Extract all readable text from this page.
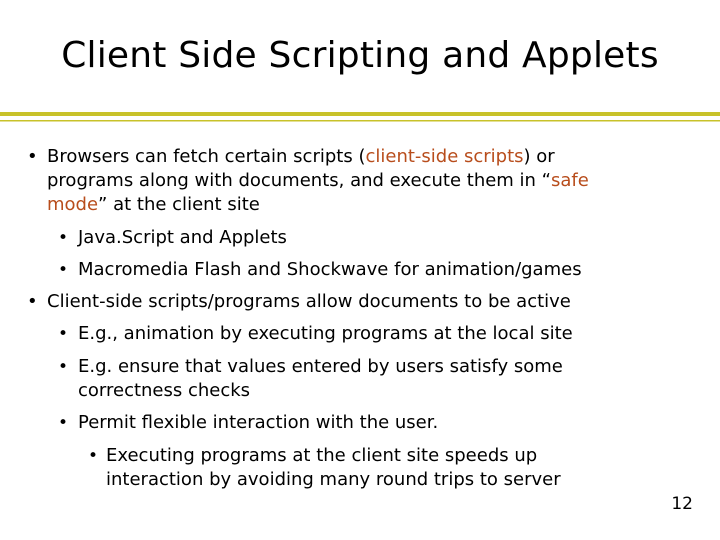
Client Side Scripting and Applets
• Browsers can fetch certain scripts (client-side scripts) or
programs along with documents, and execute them in “safe
mode” at the client site
• Java.Script and Applets
• Macromedia Flash and Shockwave for animation/games
• Client-side scripts/programs allow documents to be active
• E.g., animation by executing programs at the local site
• E.g. ensure that values entered by users satisfy some
correctness checks
• Permit flexible interaction with the user.
• Executing programs at the client site speeds up
interaction by avoiding many round trips to server
12
